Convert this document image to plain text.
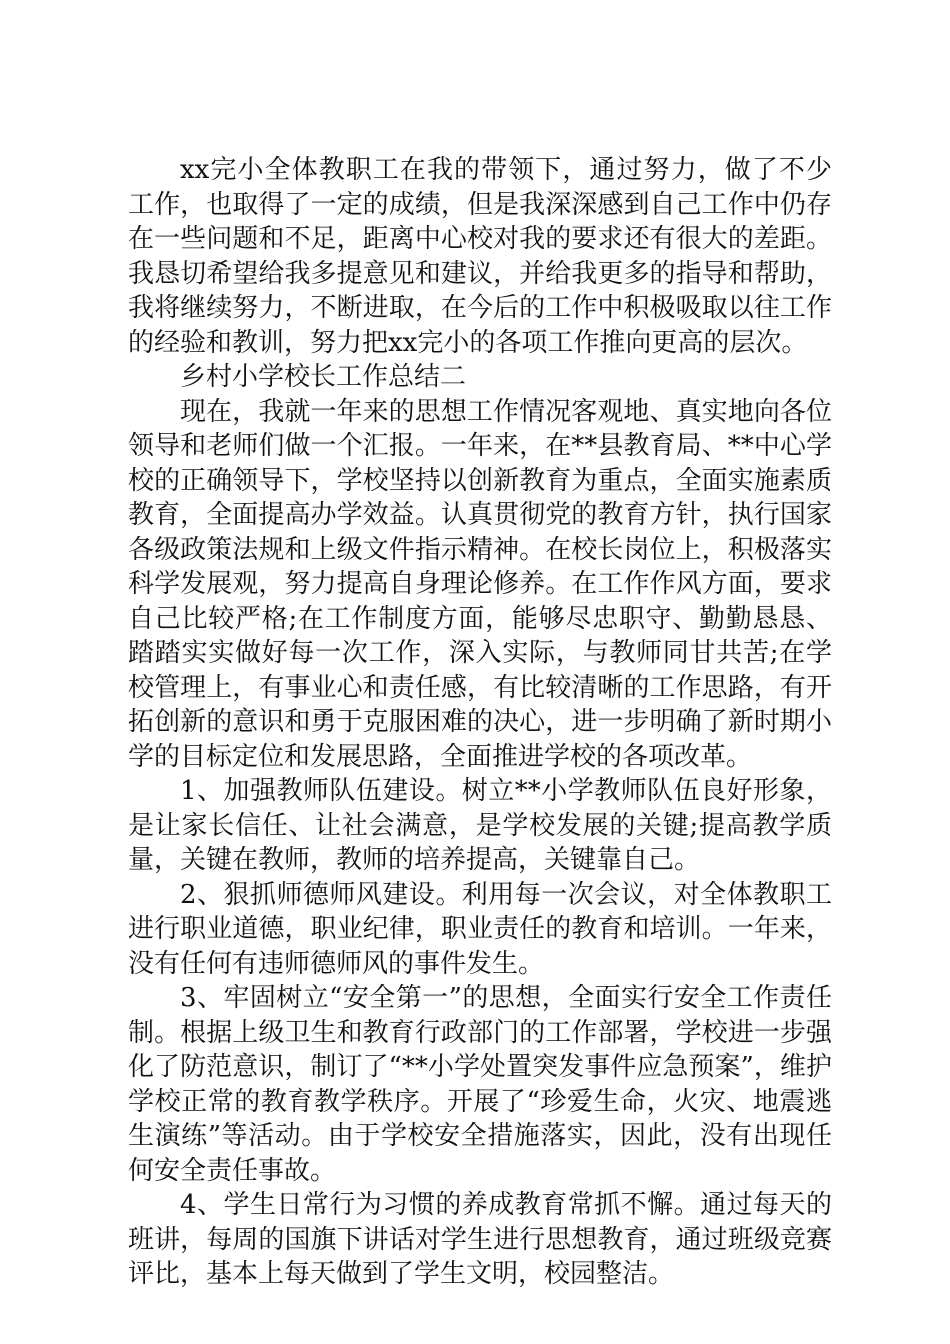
xx完小全体教职工在我的带领下，通过努力，做了不少工作，也取得了一定的成绩，但是我深深感到自己工作中仍存在一些问题和不足，距离中心校对我的要求还有很大的差距。我恳切希望给我多提意见和建议，并给我更多的指导和帮助，我将继续努力，不断进取，在今后的工作中积极吸取以往工作的经验和教训，努力把xx完小的各项工作推向更高的层次。

乡村小学校长工作总结二

现在，我就一年来的思想工作情况客观地、真实地向各位领导和老师们做一个汇报。一年来，在**县教育局、**中心学校的正确领导下，学校坚持以创新教育为重点，全面实施素质教育，全面提高办学效益。认真贯彻党的教育方针，执行国家各级政策法规和上级文件指示精神。在校长岗位上，积极落实科学发展观，努力提高自身理论修养。在工作作风方面，要求自己比较严格;在工作制度方面，能够尽忠职守、勤勤恳恳、踏踏实实做好每一次工作，深入实际，与教师同甘共苦;在学校管理上，有事业心和责任感，有比较清晰的工作思路，有开拓创新的意识和勇于克服困难的决心，进一步明确了新时期小学的目标定位和发展思路，全面推进学校的各项改革。

1、加强教师队伍建设。树立**小学教师队伍良好形象，是让家长信任、让社会满意，是学校发展的关键;提高教学质量，关键在教师，教师的培养提高，关键靠自己。

2、狠抓师德师风建设。利用每一次会议，对全体教职工进行职业道德，职业纪律，职业责任的教育和培训。一年来，没有任何有违师德师风的事件发生。

3、牢固树立“安全第一”的思想，全面实行安全工作责任制。根据上级卫生和教育行政部门的工作部署，学校进一步强化了防范意识，制订了“**小学处置突发事件应急预案”，维护学校正常的教育教学秩序。开展了“珍爱生命，火灾、地震逃生演练”等活动。由于学校安全措施落实，因此，没有出现任何安全责任事故。

4、学生日常行为习惯的养成教育常抓不懈。通过每天的班讲，每周的国旗下讲话对学生进行思想教育，通过班级竞赛评比，基本上每天做到了学生文明，校园整洁。
